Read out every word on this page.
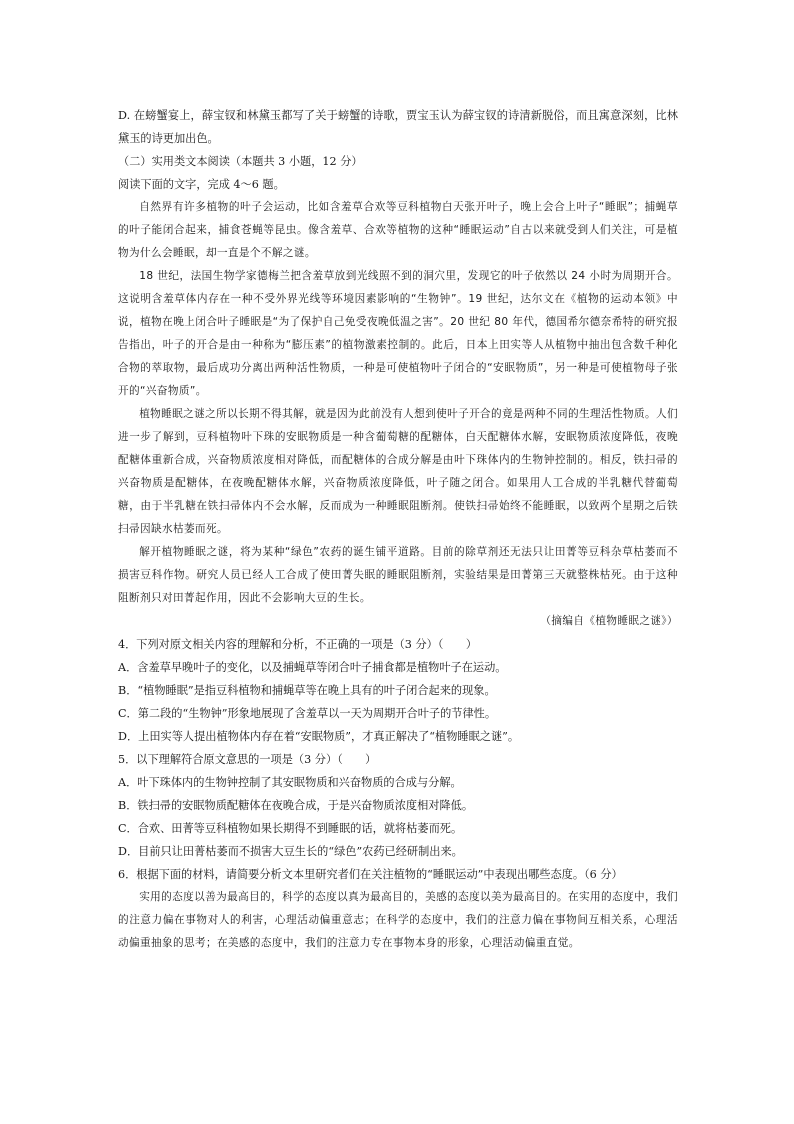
D. 在螃蟹宴上，薛宝钗和林黛玉都写了关于螃蟹的诗歌，贾宝玉认为薛宝钗的诗清新脱俗，而且寓意深刻，比林黛玉的诗更加出色。

（二）实用类文本阅读（本题共 3 小题，12 分）

阅读下面的文字，完成 4～6 题。

自然界有许多植物的叶子会运动，比如含羞草合欢等豆科植物白天张开叶子，晚上会合上叶子“睡眠”；捕蝇草的叶子能闭合起来，捕食苍蝇等昆虫。像含羞草、合欢等植物的这种“睡眠运动”自古以来就受到人们关注，可是植物为什么会睡眠，却一直是个不解之谜。

18 世纪，法国生物学家德梅兰把含羞草放到光线照不到的洞穴里，发现它的叶子依然以 24 小时为周期开合。这说明含羞草体内存在一种不受外界光线等环境因素影响的“生物钟”。19 世纪，达尔文在《植物的运动本领》中说，植物在晚上闭合叶子睡眠是“为了保护自己免受夜晚低温之害”。20 世纪 80 年代，德国希尔德奈希特的研究报告指出，叶子的开合是由一种称为“膨压素”的植物激素控制的。此后，日本上田实等人从植物中抽出包含数千种化合物的萃取物，最后成功分离出两种活性物质，一种是可使植物叶子闭合的“安眠物质”，另一种是可使植物母子张开的“兴奋物质”。

植物睡眠之谜之所以长期不得其解，就是因为此前没有人想到使叶子开合的竟是两种不同的生理活性物质。人们进一步了解到，豆科植物叶下珠的安眠物质是一种含葡萄糖的配糖体，白天配糖体水解，安眠物质浓度降低，夜晚配糖体重新合成，兴奋物质浓度相对降低，而配糖体的合成分解是由叶下珠体内的生物钟控制的。相反，铁扫帚的兴奋物质是配糖体，在夜晚配糖体水解，兴奋物质浓度降低，叶子随之闭合。如果用人工合成的半乳糖代替葡萄糖，由于半乳糖在铁扫帚体内不会水解，反而成为一种睡眠阻断剂。使铁扫帚始终不能睡眠，以致两个星期之后铁扫帚因缺水枯萎而死。

解开植物睡眠之谜，将为某种“绿色”农药的诞生铺平道路。目前的除草剂还无法只让田菁等豆科杂草枯萎而不损害豆科作物。研究人员已经人工合成了使田菁失眠的睡眠阻断剂，实验结果是田菁第三天就整株枯死。由于这种阻断剂只对田菁起作用，因此不会影响大豆的生长。

（摘编自《植物睡眠之谜》）

4．下列对原文相关内容的理解和分析，不正确的一项是（3 分）（　　）

A．含羞草早晚叶子的变化，以及捕蝇草等闭合叶子捕食都是植物叶子在运动。

B．“植物睡眠”是指豆科植物和捕蝇草等在晚上具有的叶子闭合起来的现象。

C．第二段的“生物钟”形象地展现了含羞草以一天为周期开合叶子的节律性。

D．上田实等人提出植物体内存在着“安眠物质”，才真正解决了“植物睡眠之谜”。

5．以下理解符合原文意思的一项是（3 分）（　　）

A．叶下珠体内的生物钟控制了其安眠物质和兴奋物质的合成与分解。

B．铁扫帚的安眠物质配糖体在夜晚合成，于是兴奋物质浓度相对降低。

C．合欢、田菁等豆科植物如果长期得不到睡眠的话，就将枯萎而死。

D．目前只让田菁枯萎而不损害大豆生长的“绿色”农药已经研制出来。

6．根据下面的材料，请简要分析文本里研究者们在关注植物的“睡眠运动”中表现出哪些态度。（6 分）

实用的态度以善为最高目的，科学的态度以真为最高目的，美感的态度以美为最高目的。在实用的态度中，我们的注意力偏在事物对人的利害，心理活动偏重意志；在科学的态度中，我们的注意力偏在事物间互相关系，心理活动偏重抽象的思考；在美感的态度中，我们的注意力专在事物本身的形象，心理活动偏重直觉。
